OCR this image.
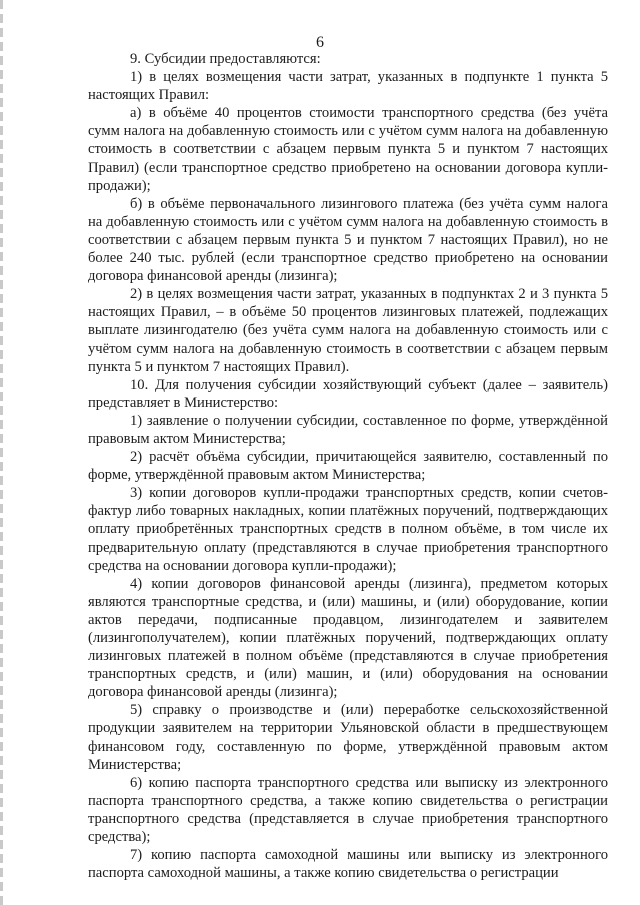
6

9. Субсидии предоставляются:

1) в целях возмещения части затрат, указанных в подпункте 1 пункта 5 настоящих Правил:

а) в объёме 40 процентов стоимости транспортного средства (без учёта сумм налога на добавленную стоимость или с учётом сумм налога на добавленную стоимость в соответствии с абзацем первым пункта 5 и пунктом 7 настоящих Правил) (если транспортное средство приобретено на основании договора купли-продажи);

б) в объёме первоначального лизингового платежа (без учёта сумм налога на добавленную стоимость или с учётом сумм налога на добавленную стоимость в соответствии с абзацем первым пункта 5 и пунктом 7 настоящих Правил), но не более 240 тыс. рублей (если транспортное средство приобретено на основании договора финансовой аренды (лизинга);

2) в целях возмещения части затрат, указанных в подпунктах 2 и 3 пункта 5 настоящих Правил, – в объёме 50 процентов лизинговых платежей, подлежащих выплате лизингодателю (без учёта сумм налога на добавленную стоимость или с учётом сумм налога на добавленную стоимость в соответствии с абзацем первым пункта 5 и пунктом 7 настоящих Правил).

10. Для получения субсидии хозяйствующий субъект (далее – заявитель) представляет в Министерство:

1) заявление о получении субсидии, составленное по форме, утверждённой правовым актом Министерства;

2) расчёт объёма субсидии, причитающейся заявителю, составленный по форме, утверждённой правовым актом Министерства;

3) копии договоров купли-продажи транспортных средств, копии счетов-фактур либо товарных накладных, копии платёжных поручений, подтверждающих оплату приобретённых транспортных средств в полном объёме, в том числе их предварительную оплату (представляются в случае приобретения транспортного средства на основании договора купли-продажи);

4) копии договоров финансовой аренды (лизинга), предметом которых являются транспортные средства, и (или) машины, и (или) оборудование, копии актов передачи, подписанные продавцом, лизингодателем и заявителем (лизингополучателем), копии платёжных поручений, подтверждающих оплату лизинговых платежей в полном объёме (представляются в случае приобретения транспортных средств, и (или) машин, и (или) оборудования на основании договора финансовой аренды (лизинга);

5) справку о производстве и (или) переработке сельскохозяйственной продукции заявителем на территории Ульяновской области в предшествующем финансовом году, составленную по форме, утверждённой правовым актом Министерства;

6) копию паспорта транспортного средства или выписку из электронного паспорта транспортного средства, а также копию свидетельства о регистрации транспортного средства (представляется в случае приобретения транспортного средства);

7) копию паспорта самоходной машины или выписку из электронного паспорта самоходной машины, а также копию свидетельства о регистрации
